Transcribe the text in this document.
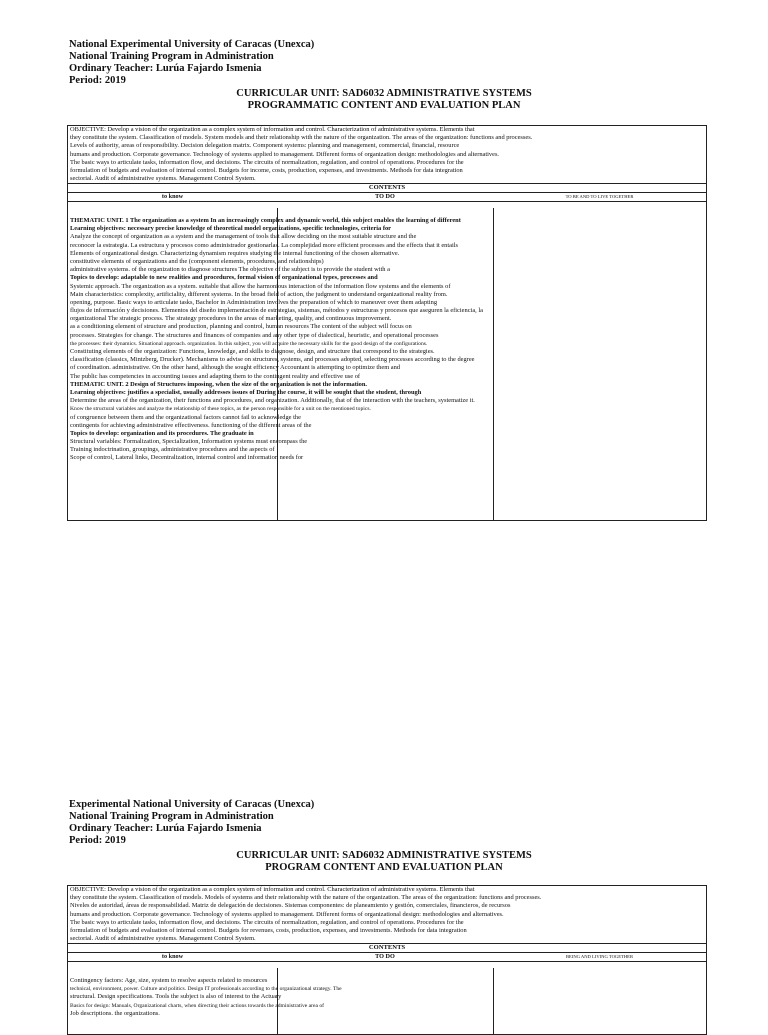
National Experimental University of Caracas (Unexca)
National Training Program in Administration
Ordinary Teacher: Lurúa Fajardo Ismenia
Period: 2019
CURRICULAR UNIT: SAD6032 ADMINISTRATIVE SYSTEMS
PROGRAMMATIC CONTENT AND EVALUATION PLAN
OBJECTIVE: Develop a vision of the organization as a complex system of information and control. Characterization of administrative systems. Elements that
they constitute the system. Classification of models. System models and their relationship with the nature of the organization. The areas of the organization: functions and processes.
Levels of authority, areas of responsibility. Decision delegation matrix. Component systems: planning and management, commercial, financial, resource
humans and production. Corporate governance. Technology of systems applied to management. Different forms of organization design: methodologies and alternatives.
The basic ways to articulate tasks, information flow, and decisions. The circuits of normalization, regulation, and control of operations. Procedures for the
formulation of budgets and evaluation of internal control. Budgets for income, costs, production, expenses, and investments. Methods for data integration
sectorial. Audit of administrative systems. Management Control System.
CONTENTS
to know	TO DO	TO BE AND TO LIVE TOGETHER
THEMATIC UNIT. 1 The organization as a system In an increasingly complex and dynamic world, this subject enables the learning of different
Learning objectives: necessary precise knowledge of theoretical model organizations, specific technologies, criteria for
Analyze the concept of organization as a system and the management of tools that allow deciding on the most suitable structure and the
reconocer la estrategia. La estructura y procesos como administrador gestionarlas. La complejidad more efficient processes and the effects that it entails
Elements of organizational design. Characterizing dynamism requires studying the internal functioning of the chosen alternative.
constitutive elements of organizations and the (component elements, procedures, and relationships)
administrative systems. of the organization to diagnose structures The objective of the subject is to provide the student with a
Topics to develop: adaptable to new realities and procedures, formal vision of organizational types, processes and
Systemic approach. The organization as a system. suitable that allow the harmonious interaction of the information flow systems and the elements of
Main characteristics: complexity, artificiality, different systems. In the broad field of action, the judgment to understand organizational reality from.
opening, purpose. Basic ways to articulate tasks, Bachelor in Administration involves the preparation of which to maneuver over them adapting
flujos de información y decisiones. Elementos del diseño implementación de estrategias, sistemas, métodos y estructuras y procesos que aseguren la eficiencia, la
organizational The strategic process. The strategy procedures in the areas of marketing, quality, and continuous improvement.
as a conditioning element of structure and production, planning and control, human resources The content of the subject will focus on
processes. Strategies for change. The structures and finances of companies and any other type of dialectical, heuristic, and operational processes
the processes: their dynamics. Situational approach. organization. In this subject, you will acquire the necessary skills for the good design of the configurations.
Constituting elements of the organization: Functions, knowledge, and skills to diagnose, design, and structure that correspond to the strategies.
classification (classics, Mintzberg, Drucker). Mechanisms to advise on structures, systems, and processes adopted, selecting processes according to the degree
of coordination. administrative. On the other hand, although the sought efficiency Accountant is attempting to optimize them and
The public has competencies in accounting issues and adapting them to the contingent reality and effective use of
THEMATIC UNIT. 2 Design of Structures imposing, when the size of the organization is not the information.
Learning objectives: justifies a specialist, usually addresses issues of During the course, it will be sought that the student, through
Determine the areas of the organization, their functions and procedures, and organization. Additionally, that of the interaction with the teachers, systematize it.
Know the structural variables and analyze the relationship of these topics, as the person responsible for a unit on the mentioned topics.
of congruence between them and the organizational factors cannot fail to acknowledge the
contingents for achieving administrative effectiveness. functioning of the different areas of the
Topics to develop: organization and its procedures. The graduate in
Structural variables: Formalization, Specialization, Information systems must encompass the
Training indoctrination, groupings, administrative procedures and the aspects of
Scope of control, Lateral links, Decentralization, internal control and information needs for
Experimental National University of Caracas (Unexca)
National Training Program in Administration
Ordinary Teacher: Lurúa Fajardo Ismenia
Period: 2019
CURRICULAR UNIT: SAD6032 ADMINISTRATIVE SYSTEMS
PROGRAM CONTENT AND EVALUATION PLAN
OBJECTIVE: Develop a vision of the organization as a complex system of information and control. Characterization of administrative systems. Elements that
they constitute the system. Classification of models. Models of systems and their relationship with the nature of the organization. The areas of the organization: functions and processes.
Niveles de autoridad, áreas de responsabilidad. Matriz de delegación de decisiones. Sistemas componentes: de planeamiento y gestión, comerciales, financieros, de recursos
humans and production. Corporate governance. Technology of systems applied to management. Different forms of organizational design: methodologies and alternatives.
The basic ways to articulate tasks, information flow, and decisions. The circuits of normalization, regulation, and control of operations. Procedures for the
formulation of budgets and evaluation of internal control. Budgets for revenues, costs, production, expenses, and investments. Methods for data integration
sectorial. Audit of administrative systems. Management Control System.
CONTENTS
to know	TO DO	BEING AND LIVING TOGETHER
Contingency factors: Age, size, system to resolve aspects related to resources
technical, environment, power. Culture and politics. Design IT professionals according to the organizational strategy. The
structural. Design specifications. Tools the subject is also of interest to the Actuary
Basics for design: Manuals, Organizational charts, when directing their actions towards the administrative area of
Job descriptions. the organizations.
